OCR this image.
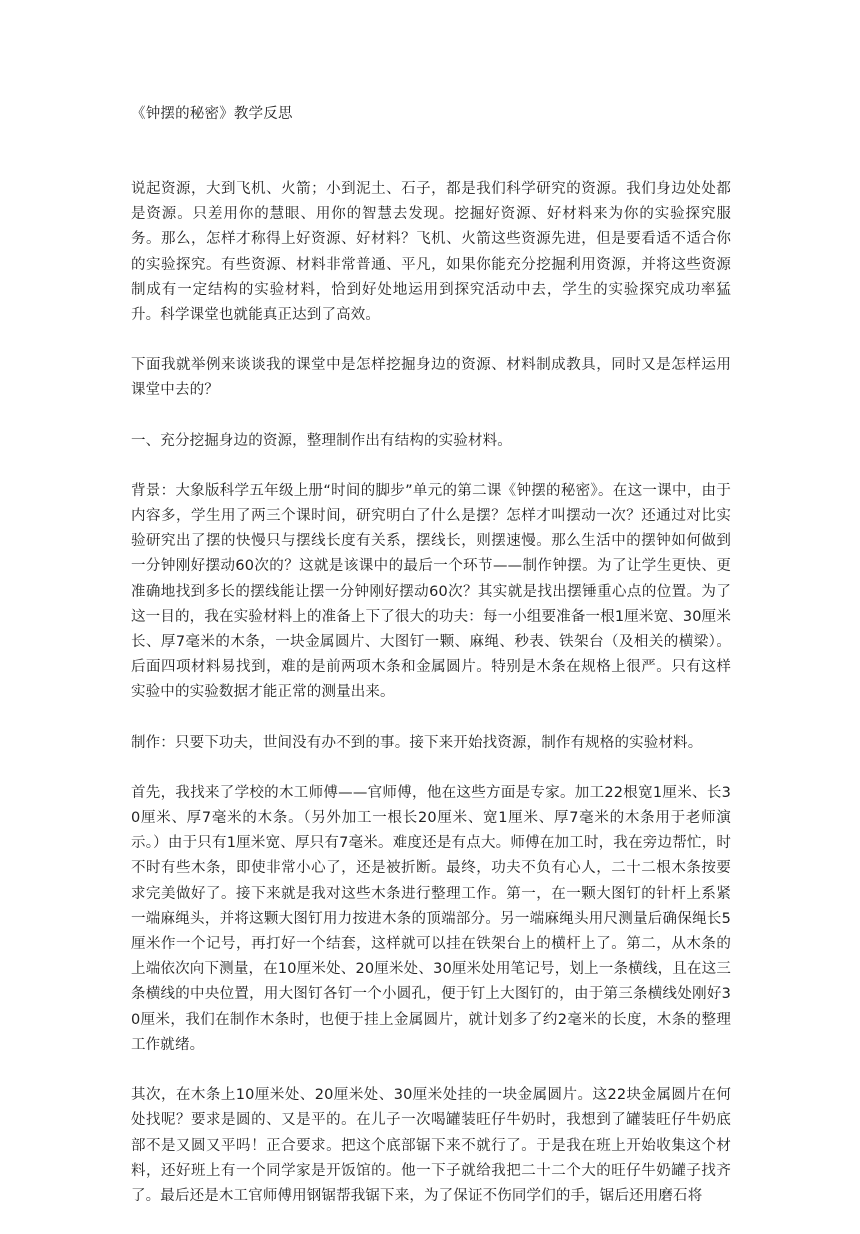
《钟摆的秘密》教学反思

说起资源，大到飞机、火箭；小到泥土、石子，都是我们科学研究的资源。我们身边处处都是资源。只差用你的慧眼、用你的智慧去发现。挖掘好资源、好材料来为你的实验探究服务。那么，怎样才称得上好资源、好材料？飞机、火箭这些资源先进，但是要看适不适合你的实验探究。有些资源、材料非常普通、平凡，如果你能充分挖掘利用资源，并将这些资源制成有一定结构的实验材料，恰到好处地运用到探究活动中去，学生的实验探究成功率猛升。科学课堂也就能真正达到了高效。

下面我就举例来谈谈我的课堂中是怎样挖掘身边的资源、材料制成教具，同时又是怎样运用课堂中去的？

一、充分挖掘身边的资源，整理制作出有结构的实验材料。

背景：大象版科学五年级上册“时间的脚步”单元的第二课《钟摆的秘密》。在这一课中，由于内容多，学生用了两三个课时间，研究明白了什么是摆？怎样才叫摆动一次？还通过对比实验研究出了摆的快慢只与摆线长度有关系，摆线长，则摆速慢。那么生活中的摆钟如何做到一分钟刚好摆动60次的？这就是该课中的最后一个环节——制作钟摆。为了让学生更快、更准确地找到多长的摆线能让摆一分钟刚好摆动60次？其实就是找出摆锤重心点的位置。为了这一目的，我在实验材料上的准备上下了很大的功夫：每一小组要准备一根1厘米宽、30厘米长、厚7毫米的木条，一块金属圆片、大图钉一颗、麻绳、秒表、铁架台（及相关的横梁）。后面四项材料易找到，难的是前两项木条和金属圆片。特别是木条在规格上很严。只有这样实验中的实验数据才能正常的测量出来。

制作：只要下功夫，世间没有办不到的事。接下来开始找资源，制作有规格的实验材料。

首先，我找来了学校的木工师傅——官师傅，他在这些方面是专家。加工22根宽1厘米、长30厘米、厚7毫米的木条。（另外加工一根长20厘米、宽1厘米、厚7毫米的木条用于老师演示。）由于只有1厘米宽、厚只有7毫米。难度还是有点大。师傅在加工时，我在旁边帮忙，时不时有些木条，即使非常小心了，还是被折断。最终，功夫不负有心人，二十二根木条按要求完美做好了。接下来就是我对这些木条进行整理工作。第一，在一颗大图钉的针杆上系紧一端麻绳头，并将这颗大图钉用力按进木条的顶端部分。另一端麻绳头用尺测量后确保绳长5厘米作一个记号，再打好一个结套，这样就可以挂在铁架台上的横杆上了。第二，从木条的上端依次向下测量，在10厘米处、20厘米处、30厘米处用笔记号，划上一条横线，且在这三条横线的中央位置，用大图钉各钉一个小圆孔，便于钉上大图钉的，由于第三条横线处刚好30厘米，我们在制作木条时，也便于挂上金属圆片，就计划多了约2毫米的长度，木条的整理工作就绪。

其次，在木条上10厘米处、20厘米处、30厘米处挂的一块金属圆片。这22块金属圆片在何处找呢？要求是圆的、又是平的。在儿子一次喝罐装旺仔牛奶时，我想到了罐装旺仔牛奶底部不是又圆又平吗！正合要求。把这个底部锯下来不就行了。于是我在班上开始收集这个材料，还好班上有一个同学家是开饭馆的。他一下子就给我把二十二个大的旺仔牛奶罐子找齐了。最后还是木工官师傅用钢锯帮我锯下来，为了保证不伤同学们的手，锯后还用磨石将
